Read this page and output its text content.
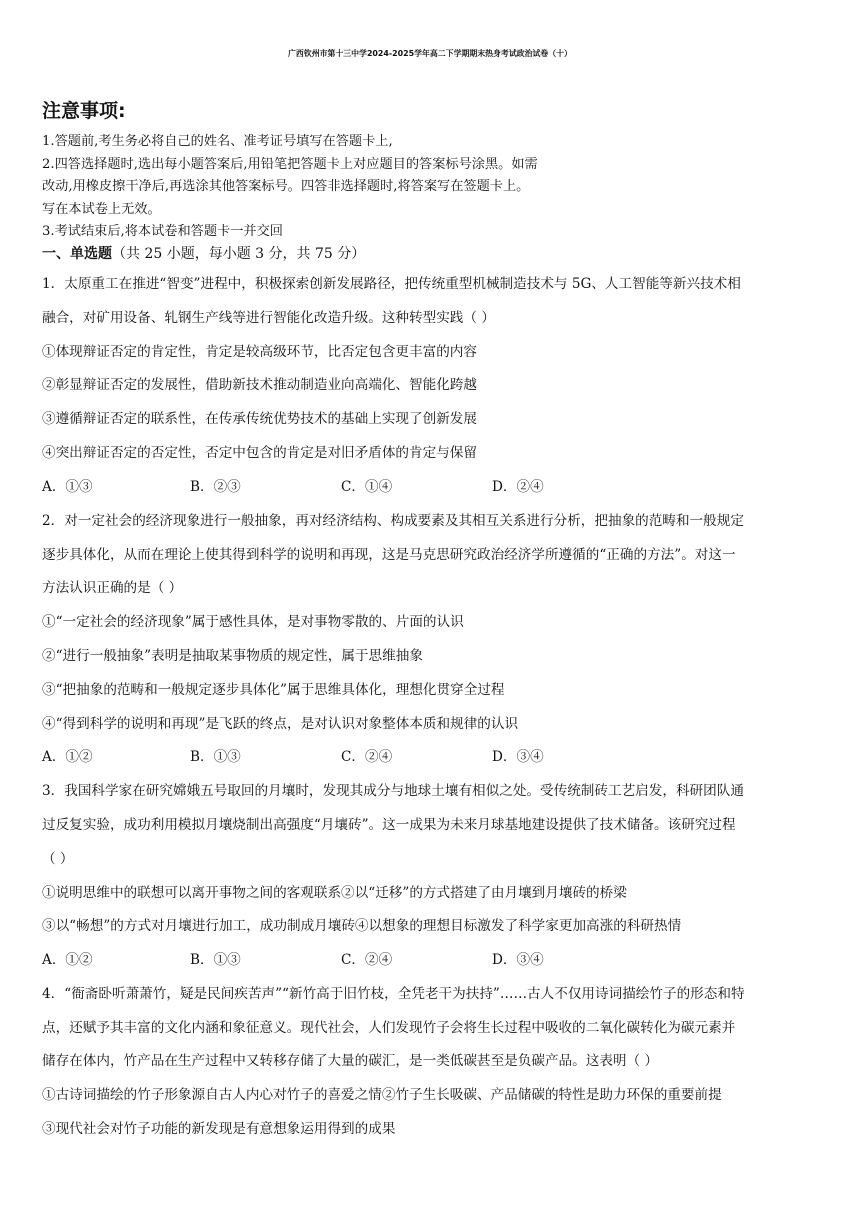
广西钦州市第十三中学2024-2025学年高二下学期期末热身考试政治试卷（十）
注意事项:
1.答题前,考生务必将自己的姓名、准考证号填写在答题卡上,
2.四答选择题时,选出每小题答案后,用铅笔把答题卡上对应题目的答案标号涂黑。如需
改动,用橡皮擦干净后,再选涂其他答案标号。四答非选择题时,将答案写在签题卡上。
写在本试卷上无效。
3.考试结束后,将本试卷和答题卡一并交回
一、单选题（共 25 小题，每小题 3 分，共 75 分）
1．太原重工在推进“智变”进程中，积极探索创新发展路径，把传统重型机械制造技术与 5G、人工智能等新兴技术相
融合，对矿用设备、轧钢生产线等进行智能化改造升级。这种转型实践（ ）
①体现辩证否定的肯定性，肯定是较高级环节，比否定包含更丰富的内容
②彰显辩证否定的发展性，借助新技术推动制造业向高端化、智能化跨越
③遵循辩证否定的联系性，在传承传统优势技术的基础上实现了创新发展
④突出辩证否定的否定性，否定中包含的肯定是对旧矛盾体的肯定与保留
A．①③	B．②③	C．①④	D．②④
2．对一定社会的经济现象进行一般抽象，再对经济结构、构成要素及其相互关系进行分析，把抽象的范畴和一般规定
逐步具体化，从而在理论上使其得到科学的说明和再现，这是马克思研究政治经济学所遵循的“正确的方法”。对这一
方法认识正确的是（ ）
①“一定社会的经济现象”属于感性具体，是对事物零散的、片面的认识
②“进行一般抽象”表明是抽取某事物质的规定性，属于思维抽象
③“把抽象的范畴和一般规定逐步具体化”属于思维具体化，理想化贯穿全过程
④“得到科学的说明和再现”是飞跃的终点，是对认识对象整体本质和规律的认识
A．①②	B．①③	C．②④	D．③④
3．我国科学家在研究嫦娥五号取回的月壤时，发现其成分与地球土壤有相似之处。受传统制砖工艺启发，科研团队通
过反复实验，成功利用模拟月壤烧制出高强度“月壤砖”。这一成果为未来月球基地建设提供了技术储备。该研究过程
（ ）
①说明思维中的联想可以离开事物之间的客观联系②以“迁移”的方式搭建了由月壤到月壤砖的桥梁
③以“畅想”的方式对月壤进行加工，成功制成月壤砖④以想象的理想目标激发了科学家更加高涨的科研热情
A．①②	B．①③	C．②④	D．③④
4．“衙斋卧听萧萧竹，疑是民间疾苦声”“新竹高于旧竹枝，全凭老干为扶持”……古人不仅用诗词描绘竹子的形态和特
点，还赋予其丰富的文化内涵和象征意义。现代社会，人们发现竹子会将生长过程中吸收的二氧化碳转化为碳元素并
储存在体内，竹产品在生产过程中又转移存储了大量的碳汇，是一类低碳甚至是负碳产品。这表明（ ）
①古诗词描绘的竹子形象源自古人内心对竹子的喜爱之情②竹子生长吸碳、产品储碳的特性是助力环保的重要前提
③现代社会对竹子功能的新发现是有意想象运用得到的成果
